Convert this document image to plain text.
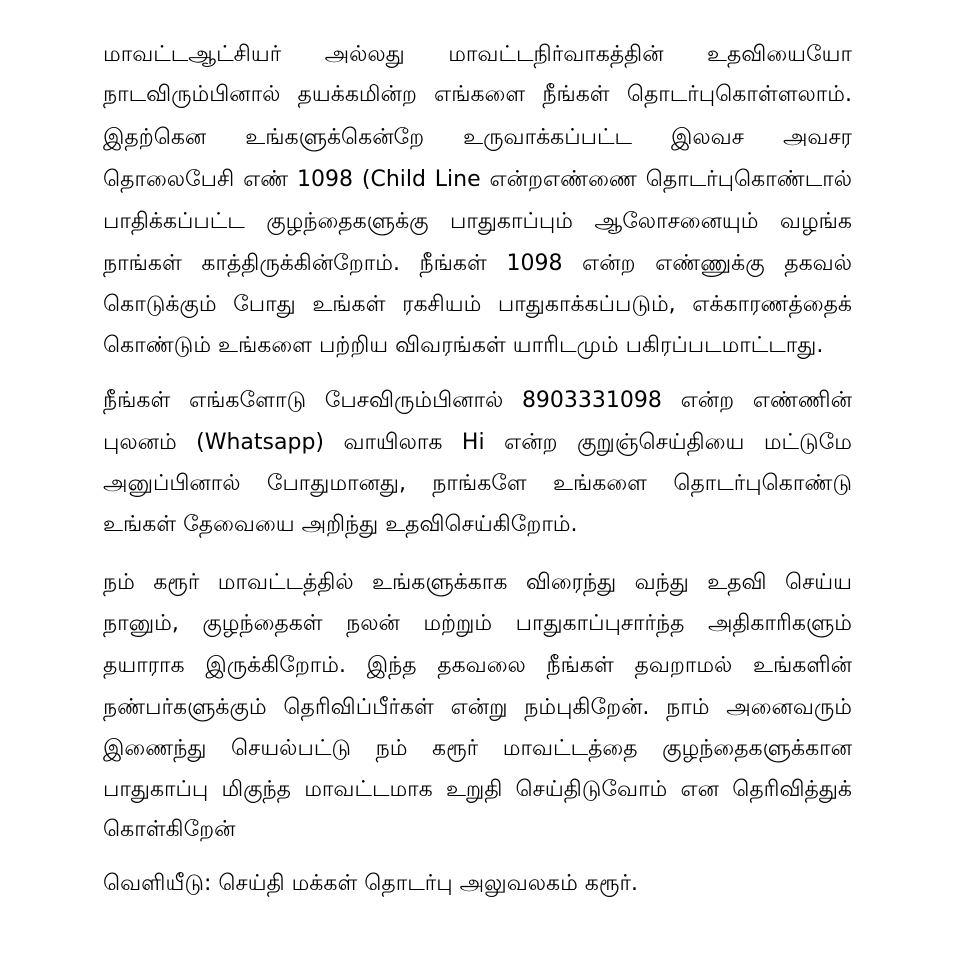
மாவட்டஆட்சியர் அல்லது மாவட்டநிர்வாகத்தின் உதவியையோ
நாடவிரும்பினால் தயக்கமின்ற எங்களை நீங்கள் தொடர்புகொள்ளலாம்.
இதற்கென உங்களுக்கென்றே உருவாக்கப்பட்ட இலவச அவசர
தொலைபேசி எண் 1098 (Child Line என்றஎண்ணை தொடர்புகொண்டால்
பாதிக்கப்பட்ட குழந்தைகளுக்கு பாதுகாப்பும் ஆலோசனையும் வழங்க
நாங்கள் காத்திருக்கின்றோம். நீங்கள் 1098 என்ற எண்ணுக்கு தகவல்
கொடுக்கும் போது உங்கள் ரகசியம் பாதுகாக்கப்படும், எக்காரணத்தைக்
கொண்டும் உங்களை பற்றிய விவரங்கள் யாரிடமும் பகிரப்படமாட்டாது.
நீங்கள் எங்களோடு பேசவிரும்பினால் 8903331098 என்ற எண்ணின்
புலனம் (Whatsapp) வாயிலாக Hi என்ற குறுஞ்செய்தியை மட்டுமே
அனுப்பினால் போதுமானது, நாங்களே உங்களை தொடர்புகொண்டு
உங்கள் தேவையை அறிந்து உதவிசெய்கிறோம்.
நம் கரூர் மாவட்டத்தில் உங்களுக்காக விரைந்து வந்து உதவி செய்ய
நானும், குழந்தைகள் நலன் மற்றும் பாதுகாப்புசார்ந்த அதிகாரிகளும்
தயாராக இருக்கிறோம். இந்த தகவலை நீங்கள் தவறாமல் உங்களின்
நண்பர்களுக்கும் தெரிவிப்பீர்கள் என்று நம்புகிறேன். நாம் அனைவரும்
இணைந்து செயல்பட்டு நம் கரூர் மாவட்டத்தை குழந்தைகளுக்கான
பாதுகாப்பு மிகுந்த மாவட்டமாக உறுதி செய்திடுவோம் என தெரிவித்துக்
கொள்கிறேன்
வெளியீடு: செய்தி மக்கள் தொடர்பு அலுவலகம் கரூர்.
